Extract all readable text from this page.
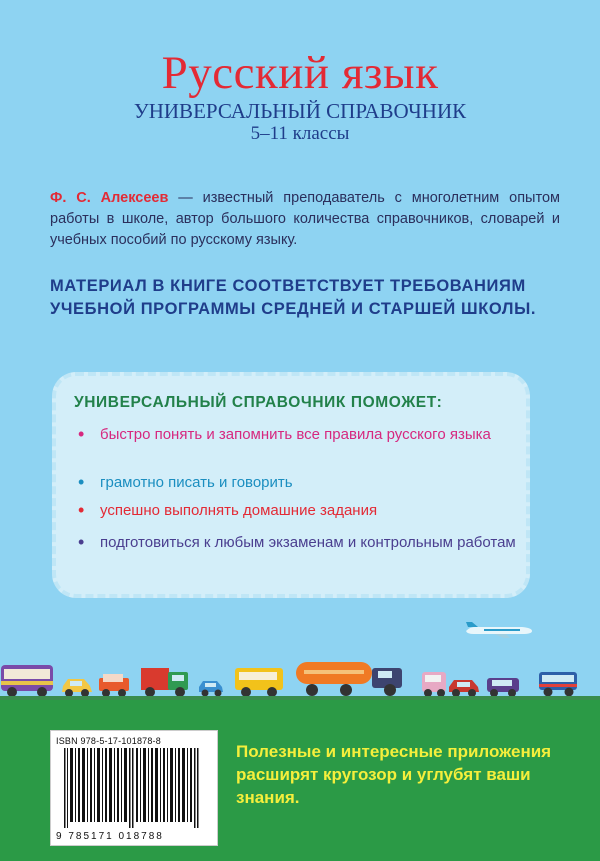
Русский язык
УНИВЕРСАЛЬНЫЙ СПРАВОЧНИК
5–11 классы

Ф. С. Алексеев — известный преподаватель с многолетним опытом работы в школе, автор большого количества справочников, словарей и учебных пособий по русскому языку.

МАТЕРИАЛ В КНИГЕ СООТВЕТСТВУЕТ ТРЕБОВАНИЯМ УЧЕБНОЙ ПРОГРАММЫ СРЕДНЕЙ И СТАРШЕЙ ШКОЛЫ.

УНИВЕРСАЛЬНЫЙ СПРАВОЧНИК ПОМОЖЕТ:
• быстро понять и запомнить все правила русского языка
• грамотно писать и говорить
• успешно выполнять домашние задания
• подготовиться к любым экзаменам и контрольным работам
ISBN 978-5-17-101878-8
9 785171 018788

Полезные и интересные приложения расширят кругозор и углубят ваши знания.
